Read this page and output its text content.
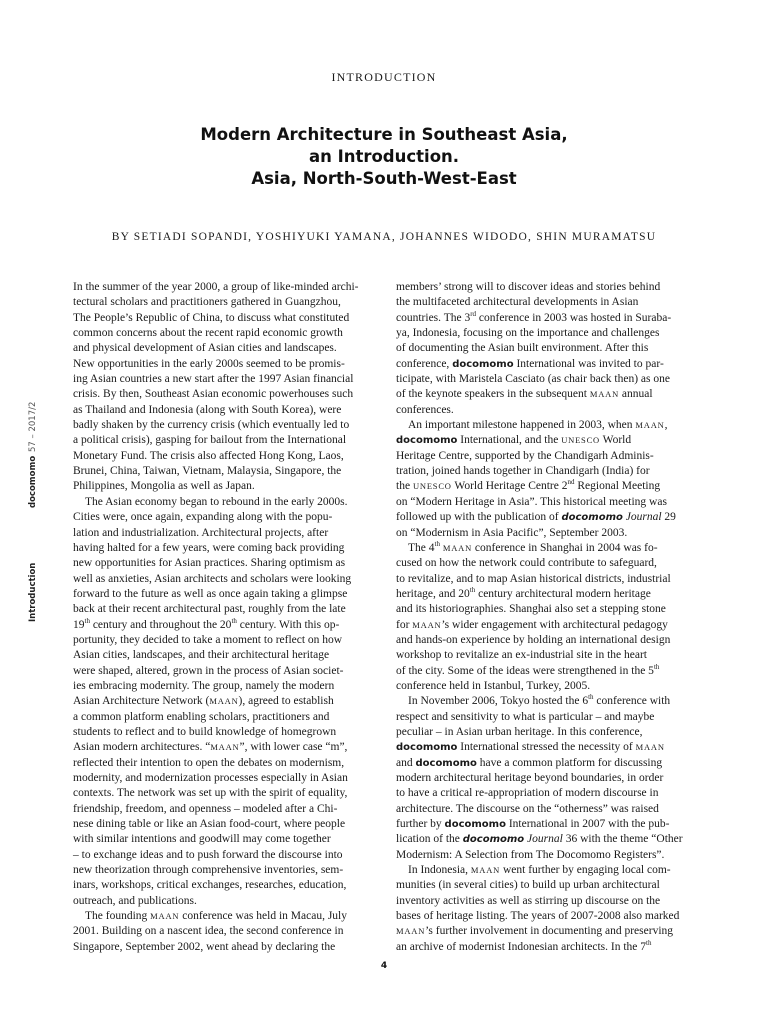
INTRODUCTION
Modern Architecture in Southeast Asia,
an Introduction.
Asia, North-South-West-East
BY SETIADI SOPANDI, YOSHIYUKI YAMANA, JOHANNES WIDODO, SHIN MURAMATSU
docomomo
57 – 2017/2
Introduction
In the summer of the year 2000, a group of like-minded archi-
tectural scholars and practitioners gathered in Guangzhou,
The People’s Republic of China, to discuss what constituted
common concerns about the recent rapid economic growth
and physical development of Asian cities and landscapes.
New opportunities in the early 2000s seemed to be promis-
ing Asian countries a new start after the 1997 Asian financial
crisis. By then, Southeast Asian economic powerhouses such
as Thailand and Indonesia (along with South Korea), were
badly shaken by the currency crisis (which eventually led to
a political crisis), gasping for bailout from the International
Monetary Fund. The crisis also affected Hong Kong, Laos,
Brunei, China, Taiwan, Vietnam, Malaysia, Singapore, the
Philippines, Mongolia as well as Japan.
The Asian economy began to rebound in the early 2000s.
Cities were, once again, expanding along with the popu-
lation and industrialization. Architectural projects, after
having halted for a few years, were coming back providing
new opportunities for Asian practices. Sharing optimism as
well as anxieties, Asian architects and scholars were looking
forward to the future as well as once again taking a glimpse
back at their recent architectural past, roughly from the late
19th century and throughout the 20th century. With this op-
portunity, they decided to take a moment to reflect on how
Asian cities, landscapes, and their architectural heritage
were shaped, altered, grown in the process of Asian societ-
ies embracing modernity. The group, namely the modern
Asian Architecture Network (MAAN), agreed to establish
a common platform enabling scholars, practitioners and
students to reflect and to build knowledge of homegrown
Asian modern architectures. “MAAN”, with lower case “m”,
reflected their intention to open the debates on modernism,
modernity, and modernization processes especially in Asian
contexts. The network was set up with the spirit of equality,
friendship, freedom, and openness – modeled after a Chi-
nese dining table or like an Asian food-court, where people
with similar intentions and goodwill may come together
– to exchange ideas and to push forward the discourse into
new theorization through comprehensive inventories, sem-
inars, workshops, critical exchanges, researches, education,
outreach, and publications.
The founding MAAN conference was held in Macau, July
2001. Building on a nascent idea, the second conference in
Singapore, September 2002, went ahead by declaring the
members’ strong will to discover ideas and stories behind
the multifaceted architectural developments in Asian
countries. The 3rd conference in 2003 was hosted in Suraba-
ya, Indonesia, focusing on the importance and challenges
of documenting the Asian built environment. After this
conference, docomomo International was invited to par-
ticipate, with Maristela Casciato (as chair back then) as one
of the keynote speakers in the subsequent MAAN annual
conferences.
An important milestone happened in 2003, when MAAN,
docomomo International, and the UNESCO World
Heritage Centre, supported by the Chandigarh Adminis-
tration, joined hands together in Chandigarh (India) for
the UNESCO World Heritage Centre 2nd Regional Meeting
on “Modern Heritage in Asia”. This historical meeting was
followed up with the publication of docomomo Journal 29
on “Modernism in Asia Pacific”, September 2003.
The 4th MAAN conference in Shanghai in 2004 was fo-
cused on how the network could contribute to safeguard,
to revitalize, and to map Asian historical districts, industrial
heritage, and 20th century architectural modern heritage
and its historiographies. Shanghai also set a stepping stone
for MAAN’s wider engagement with architectural pedagogy
and hands-on experience by holding an international design
workshop to revitalize an ex-industrial site in the heart
of the city. Some of the ideas were strengthened in the 5th
conference held in Istanbul, Turkey, 2005.
In November 2006, Tokyo hosted the 6th conference with
respect and sensitivity to what is particular – and maybe
peculiar – in Asian urban heritage. In this conference,
docomomo International stressed the necessity of MAAN
and docomomo have a common platform for discussing
modern architectural heritage beyond boundaries, in order
to have a critical re-appropriation of modern discourse in
architecture. The discourse on the “otherness” was raised
further by docomomo International in 2007 with the pub-
lication of the docomomo Journal 36 with the theme “Other
Modernism: A Selection from The Docomomo Registers”.
In Indonesia, MAAN went further by engaging local com-
munities (in several cities) to build up urban architectural
inventory activities as well as stirring up discourse on the
bases of heritage listing. The years of 2007-2008 also marked
MAAN’s further involvement in documenting and preserving
an archive of modernist Indonesian architects. In the 7th
4
